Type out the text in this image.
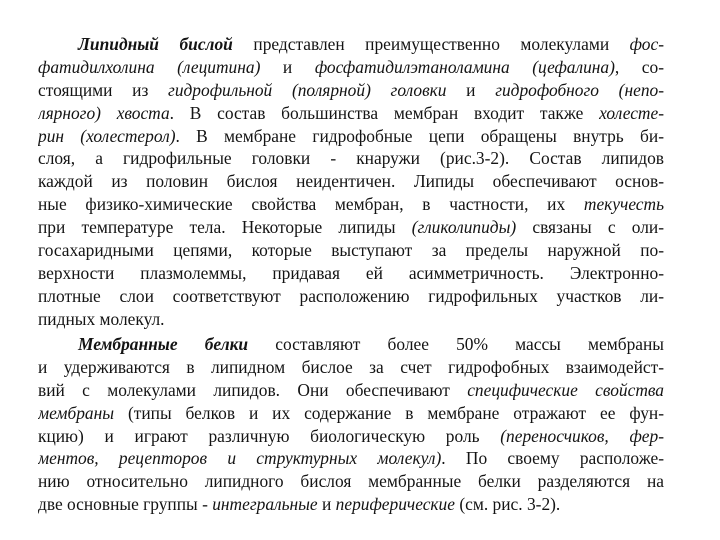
Липидный бислой представлен преимущественно молекулами фос-
фатидилхолина (лецитина) и фосфатидилэтаноламина (цефалина), со-
стоящими из гидрофильной (полярной) головки и гидрофобного (непо-
лярного) хвоста. В состав большинства мембран входит также холесте-
рин (холестерол). В мембране гидрофобные цепи обращены внутрь би-
слоя, а гидрофильные головки - кнаружи (рис.3-2). Состав липидов
каждой из половин бислоя неидентичен. Липиды обеспечивают основ-
ные физико-химические свойства мембран, в частности, их текучесть
при температуре тела. Некоторые липиды (гликолипиды) связаны с оли-
госахаридными цепями, которые выступают за пределы наружной по-
верхности плазмолеммы, придавая ей асимметричность. Электронно-
плотные слои соответствуют расположению гидрофильных участков ли-
пидных молекул.
Мембранные белки составляют более 50% массы мембраны
и удерживаются в липидном бислое за счет гидрофобных взаимодейст-
вий с молекулами липидов. Они обеспечивают специфические свойства
мембраны (типы белков и их содержание в мембране отражают ее фун-
кцию) и играют различную биологическую роль (переносчиков, фер-
ментов, рецепторов и структурных молекул). По своему расположе-
нию относительно липидного бислоя мембранные белки разделяются на
две основные группы - интегральные и периферические (см. рис. 3-2).
